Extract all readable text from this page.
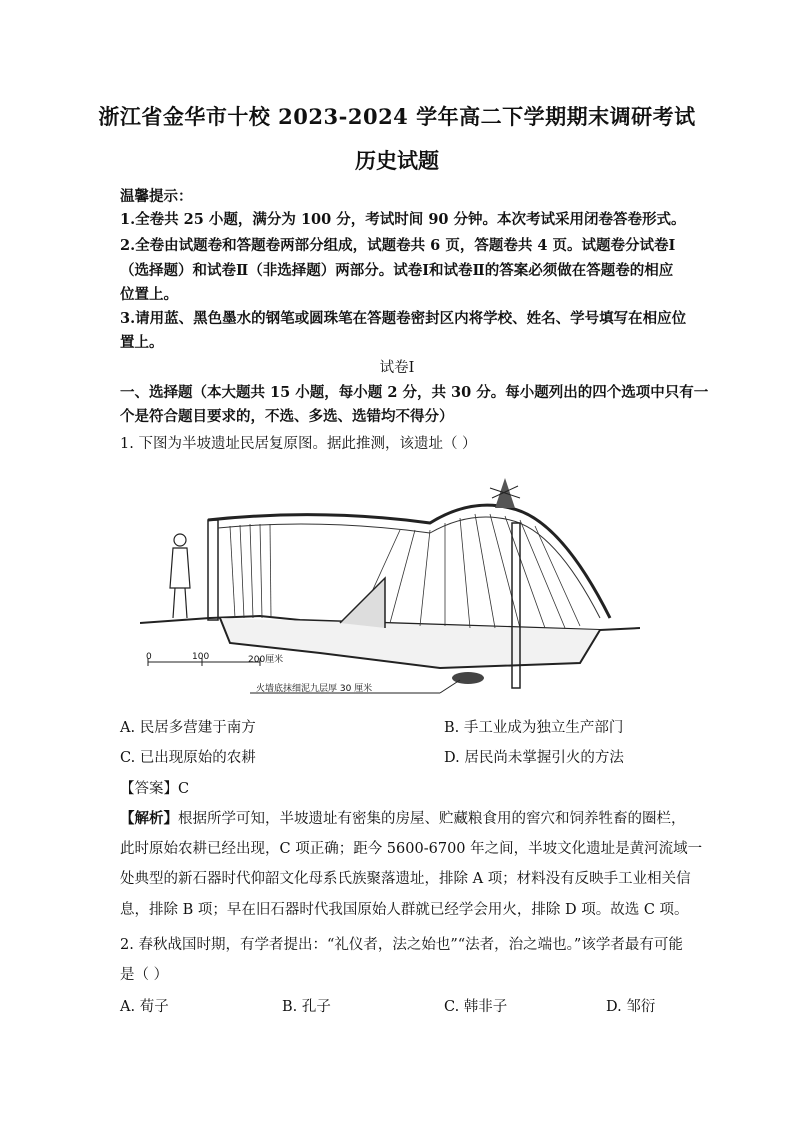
浙江省金华市十校 2023-2024 学年高二下学期期末调研考试
历史试题
温馨提示：
1.全卷共 25 小题，满分为 100 分，考试时间 90 分钟。本次考试采用闭卷答卷形式。
2.全卷由试题卷和答题卷两部分组成，试题卷共 6 页，答题卷共 4 页。试题卷分试卷Ⅰ
（选择题）和试卷Ⅱ（非选择题）两部分。试卷Ⅰ和试卷Ⅱ的答案必须做在答题卷的相应
位置上。
3.请用蓝、黑色墨水的钢笔或圆珠笔在答题卷密封区内将学校、姓名、学号填写在相应位
置上。
试卷Ⅰ
一、选择题（本大题共 15 小题，每小题 2 分，共 30 分。每小题列出的四个选项中只有一
个是符合题目要求的，不选、多选、选错均不得分）
1. 下图为半坡遗址民居复原图。据此推测，该遗址（ ）
0	100	200厘米
火墙底抹细泥九层厚 30 厘米
A. 民居多营建于南方	B. 手工业成为独立生产部门
C. 已出现原始的农耕	D. 居民尚未掌握引火的方法
【答案】C
【解析】根据所学可知，半坡遗址有密集的房屋、贮藏粮食用的窖穴和饲养牲畜的圈栏，
此时原始农耕已经出现，C 项正确；距今 5600-6700 年之间，半坡文化遗址是黄河流域一
处典型的新石器时代仰韶文化母系氏族聚落遗址，排除 A 项；材料没有反映手工业相关信
息，排除 B 项；早在旧石器时代我国原始人群就已经学会用火，排除 D 项。故选 C 项。
2. 春秋战国时期，有学者提出：“礼仪者，法之始也”“法者，治之端也。”该学者最有可能
是（ ）
A. 荀子	B. 孔子	C. 韩非子	D. 邹衍
